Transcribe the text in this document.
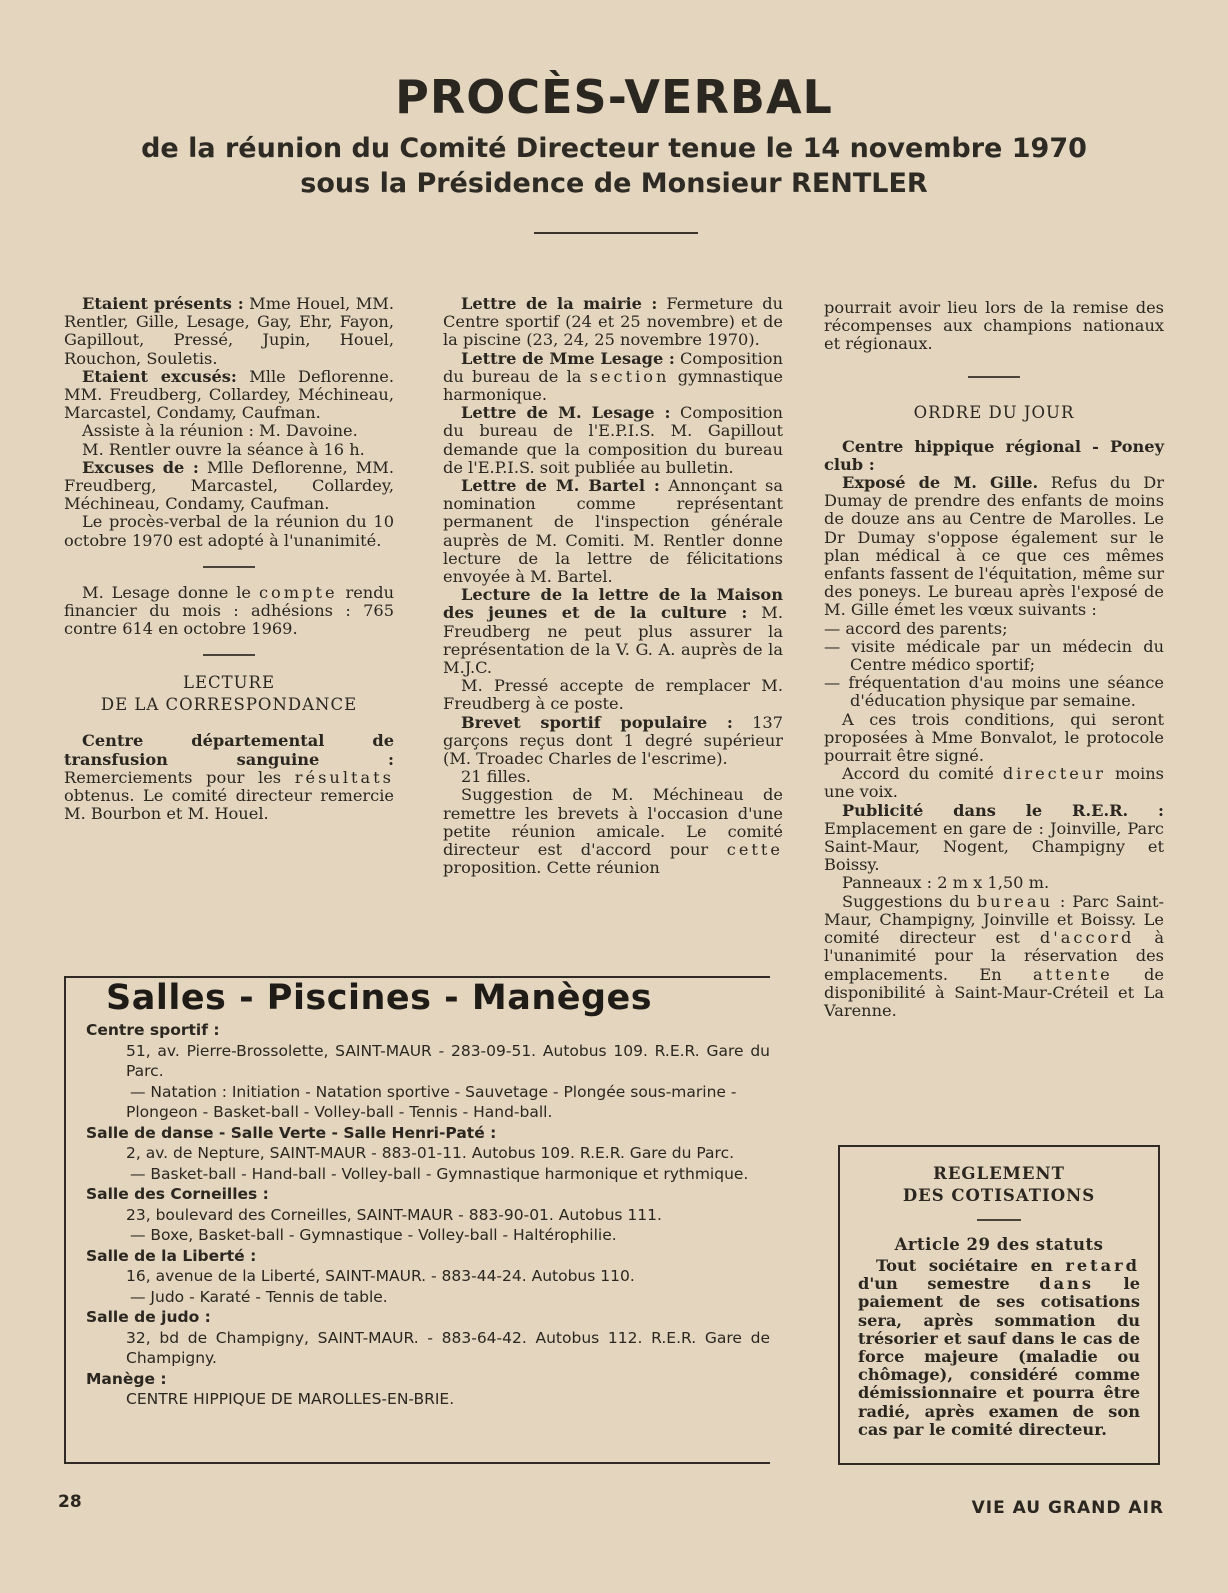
PROCÈS-VERBAL
de la réunion du Comité Directeur tenue le 14 novembre 1970
sous la Présidence de Monsieur RENTLER

Etaient présents : Mme Houel, MM. Rentler, Gille, Lesage, Gay, Ehr, Fayon, Gapillout, Pressé, Jupin, Houel, Rouchon, Souletis.

Etaient excusés: Mlle Deflorenne. MM. Freudberg, Collardey, Méchineau, Marcastel, Condamy, Caufman.

Assiste à la réunion : M. Davoine.

M. Rentler ouvre la séance à 16 h.

Excuses de : Mlle Deflorenne, MM. Freudberg, Marcastel, Collardey, Méchineau, Condamy, Caufman.

Le procès-verbal de la réunion du 10 octobre 1970 est adopté à l'unanimité.

M. Lesage donne le compte rendu financier du mois : adhésions : 765 contre 614 en octobre 1969.

LECTURE
DE LA CORRESPONDANCE

Centre départemental de transfusion sanguine : Remerciements pour les résultats obtenus. Le comité directeur remercie M. Bourbon et M. Houel.

Lettre de la mairie : Fermeture du Centre sportif (24 et 25 novembre) et de la piscine (23, 24, 25 novembre 1970).

Lettre de Mme Lesage : Composition du bureau de la section gymnastique harmonique.

Lettre de M. Lesage : Composition du bureau de l'E.P.I.S. M. Gapillout demande que la composition du bureau de l'E.P.I.S. soit publiée au bulletin.

Lettre de M. Bartel : Annonçant sa nomination comme représentant permanent de l'inspection générale auprès de M. Comiti. M. Rentler donne lecture de la lettre de félicitations envoyée à M. Bartel.

Lecture de la lettre de la Maison des jeunes et de la culture : M. Freudberg ne peut plus assurer la représentation de la V. G. A. auprès de la M.J.C.

M. Pressé accepte de remplacer M. Freudberg à ce poste.

Brevet sportif populaire : 137 garçons reçus dont 1 degré supérieur (M. Troadec Charles de l'escrime).

21 filles.

Suggestion de M. Méchineau de remettre les brevets à l'occasion d'une petite réunion amicale. Le comité directeur est d'accord pour cette proposition. Cette réunion

pourrait avoir lieu lors de la remise des récompenses aux champions nationaux et régionaux.

ORDRE DU JOUR

Centre hippique régional - Poney club :

Exposé de M. Gille. Refus du Dr Dumay de prendre des enfants de moins de douze ans au Centre de Marolles. Le Dr Dumay s'oppose également sur le plan médical à ce que ces mêmes enfants fassent de l'équitation, même sur des poneys. Le bureau après l'exposé de M. Gille émet les vœux suivants :

— accord des parents;

— visite médicale par un médecin du Centre médico sportif;

— fréquentation d'au moins une séance d'éducation physique par semaine.

A ces trois conditions, qui seront proposées à Mme Bonvalot, le protocole pourrait être signé.

Accord du comité directeur moins une voix.

Publicité dans le R.E.R. : Emplacement en gare de : Joinville, Parc Saint-Maur, Nogent, Champigny et Boissy.

Panneaux : 2 m x 1,50 m.

Suggestions du bureau : Parc Saint-Maur, Champigny, Joinville et Boissy. Le comité directeur est d'accord à l'unanimité pour la réservation des emplacements. En attente de disponibilité à Saint-Maur-Créteil et La Varenne.

Salles - Piscines - Manèges
Centre sportif :
51, av. Pierre-Brossolette, SAINT-MAUR - 283-09-51. Autobus 109. R.E.R. Gare du Parc.
— Natation : Initiation - Natation sportive - Sauvetage - Plongée sous-marine - Plongeon - Basket-ball - Volley-ball - Tennis - Hand-ball.
Salle de danse - Salle Verte - Salle Henri-Paté :
2, av. de Nepture, SAINT-MAUR - 883-01-11. Autobus 109. R.E.R. Gare du Parc.
— Basket-ball - Hand-ball - Volley-ball - Gymnastique harmonique et rythmique.
Salle des Corneilles :
23, boulevard des Corneilles, SAINT-MAUR - 883-90-01. Autobus 111.
— Boxe, Basket-ball - Gymnastique - Volley-ball - Haltérophilie.
Salle de la Liberté :
16, avenue de la Liberté, SAINT-MAUR. - 883-44-24. Autobus 110.
— Judo - Karaté - Tennis de table.
Salle de judo :
32, bd de Champigny, SAINT-MAUR. - 883-64-42. Autobus 112. R.E.R. Gare de Champigny.
Manège :
CENTRE HIPPIQUE DE MAROLLES-EN-BRIE.
REGLEMENT
DES COTISATIONS
Article 29 des statuts

Tout sociétaire en retard d'un semestre dans le paiement de ses cotisations sera, après sommation du trésorier et sauf dans le cas de force majeure (maladie ou chômage), considéré comme démissionnaire et pourra être radié, après examen de son cas par le comité directeur.

28	VIE AU GRAND AIR
